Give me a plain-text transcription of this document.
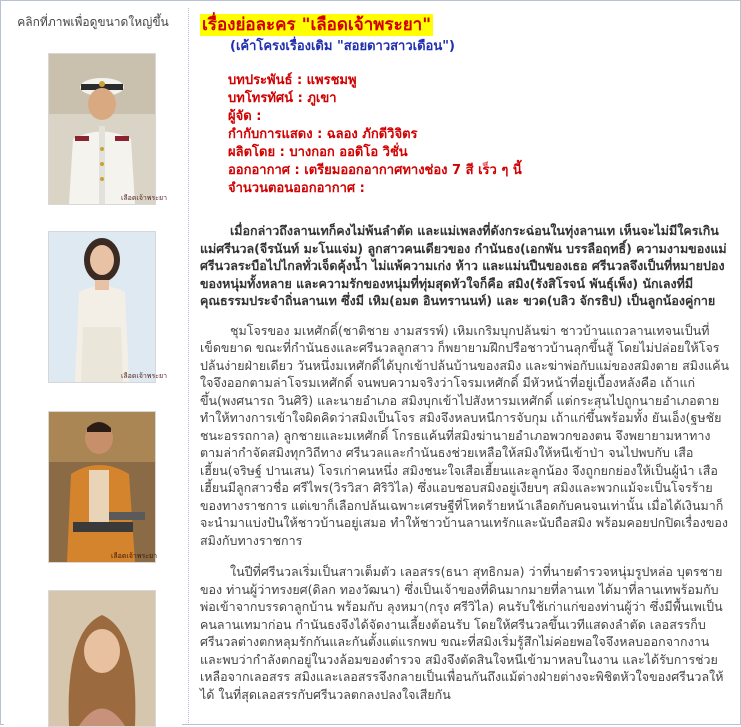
คลิกที่ภาพเพื่อดูขนาดใหญ่ขึ้น
เลือดเจ้าพระยา
เลือดเจ้าพระยา
เลือดเจ้าพระยา
เรื่องย่อละคร "เลือดเจ้าพระยา"
(เค้าโครงเรื่องเดิม "สอยดาวสาวเดือน")
บทประพันธ์ : แพรชมพู
บทโทรทัศน์ : ภูเขา
ผู้จัด :
กำกับการแสดง : ฉลอง ภักดีวิจิตร
ผลิตโดย : บางกอก ออดิโอ วิชั่น
ออกอากาศ : เตรียมออกอากาศทางช่อง 7 สี เร็ว ๆ นี้
จำนวนตอนออกอากาศ :

เมื่อกล่าวถึงลานเทก็คงไม่พ้นลำตัด และแม่เพลงที่ดังกระฉ่อนในทุ่งลานเท เห็นจะไม่มีใครเกิน แม่ศรีนวล(จีรนันท์ มะโนแจ่ม) ลูกสาวคนเดียวของ กำนันธง(เอกพัน บรรลือฤทธิ์) ความงามของแม่ศรีนวลระบือไปไกลทั่วเจ็ดคุ้งน้ำ ไม่แพ้ความเก่ง ห้าว และแม่นปืนของเธอ ศรีนวลจึงเป็นที่หมายปองของหนุ่มทั้งหลาย และความรักของหนุ่มที่ทุ่มสุดหัวใจก็คือ สมิง(รังสิโรจน์ พันธุ์เพ็ง) นักเลงที่มีคุณธรรมประจำถิ่นลานเท ซึ่งมี เหิม(อมต อินทรานนท์) และ ขวด(บลิว จักรธิป) เป็นลูกน้องคู่กาย

ชุมโจรของ มเหศักดิ์(ชาติชาย งามสรรพ์) เหิมเกริมบุกปล้นฆ่า ชาวบ้านแถวลานเทจนเป็นที่เข็ดขยาด ขณะที่กำนันธงและศรีนวลลูกสาว ก็พยายามฝึกปรือชาวบ้านลุกขึ้นสู้ โดยไม่ปล่อยให้โจรปล้นง่ายฝ่ายเดียว วันหนึ่งมเหศักดิ์ได้บุกเข้าปล้นบ้านของสมิง และฆ่าพ่อกับแม่ของสมิงตาย สมิงแค้นใจจึงออกตามล่าโจรมเหศักดิ์ จนพบความจริงว่าโจรมเหศักดิ์ มีหัวหน้าที่อยู่เบื้องหลังคือ เถ้าแก่ขึ้น(พงศนารถ วินศิริ) และนายอำเภอ สมิงบุกเข้าไปสังหารมเหศักดิ์ แต่กระสุนไปถูกนายอำเภอตาย ทำให้ทางการเข้าใจผิดคิดว่าสมิงเป็นโจร สมิงจึงหลบหนีการจับกุม เถ้าแก่ขึ้นพร้อมทั้ง ยันเอ็ง(ฐษชัย ชนะอรรถกาล) ลูกชายและมเหศักดิ์ โกรธแค้นที่สมิงฆ่านายอำเภอพวกของตน จึงพยายามหาทางตามล่ากำจัดสมิงทุกวิถีทาง ศรีนวลและกำนันธงช่วยเหลือให้สมิงให้หนีเข้าป่า จนไปพบกับ เสือเฮี้ยน(จริษฐ์ ปานเสน) โจรเก่าคนหนึ่ง สมิงชนะใจเสือเฮี้ยนและลูกน้อง จึงถูกยกย่องให้เป็นผู้นำ เสือเฮี้ยนมีลูกสาวชื่อ ศรีไพร(วิรวิสา ศิริวิไล) ซึ่งแอบชอบสมิงอยู่เงียบๆ สมิงและพวกแม้จะเป็นโจรร้ายของทางราชการ แต่เขาก็เลือกปล้นเฉพาะเศรษฐีที่โหดร้ายหน้าเลือดกับคนจนเท่านั้น เมื่อได้เงินมาก็จะนำมาแบ่งปันให้ชาวบ้านอยู่เสมอ ทำให้ชาวบ้านลานเทรักและนับถือสมิง พร้อมคอยปกปิดเรื่องของสมิงกับทางราชการ

ในปีที่ศรีนวลเริ่มเป็นสาวเต็มตัว เลอสรร(ธนา สุทธิกมล) ว่าที่นายตำรวจหนุ่มรูปหล่อ บุตรชายของ ท่านผู้ว่าทรงยศ(ดิลก ทองวัฒนา) ซึ่งเป็นเจ้าของที่ดินมากมายที่ลานเท ได้มาที่ลานเทพร้อมกับพ่อเข้าจากบรรดาลูกบ้าน พร้อมกับ ลุงหมา(กรุง ศรีวิไล) คนรับใช้เก่าแก่ของท่านผู้ว่า ซึ่งมีพื้นเพเป็นคนลานเทมาก่อน กำนันธงจึงได้จัดงานเลี้ยงต้อนรับ โดยให้ศรีนวลขึ้นเวทีแสดงลำตัด เลอสรรก็บศรีนวลต่างตกหลุมรักกันและกันตั้งแต่แรกพบ ขณะที่สมิงเริ่มรู้สึกไม่ค่อยพอใจจึงหลบออกจากงาน และพบว่ากำลังตกอยู่ในวงล้อมของตำรวจ สมิงจึงตัดสินใจหนีเข้ามาหลบในงาน และได้รับการช่วยเหลือจากเลอสรร สมิงและเลอสรรจึงกลายเป็นเพื่อนกันถึงแม้ต่างฝ่ายต่างจะพิชิตหัวใจของศรีนวลให้ได้ ในที่สุดเลอสรรกับศรีนวลตกลงปลงใจเสียกัน
